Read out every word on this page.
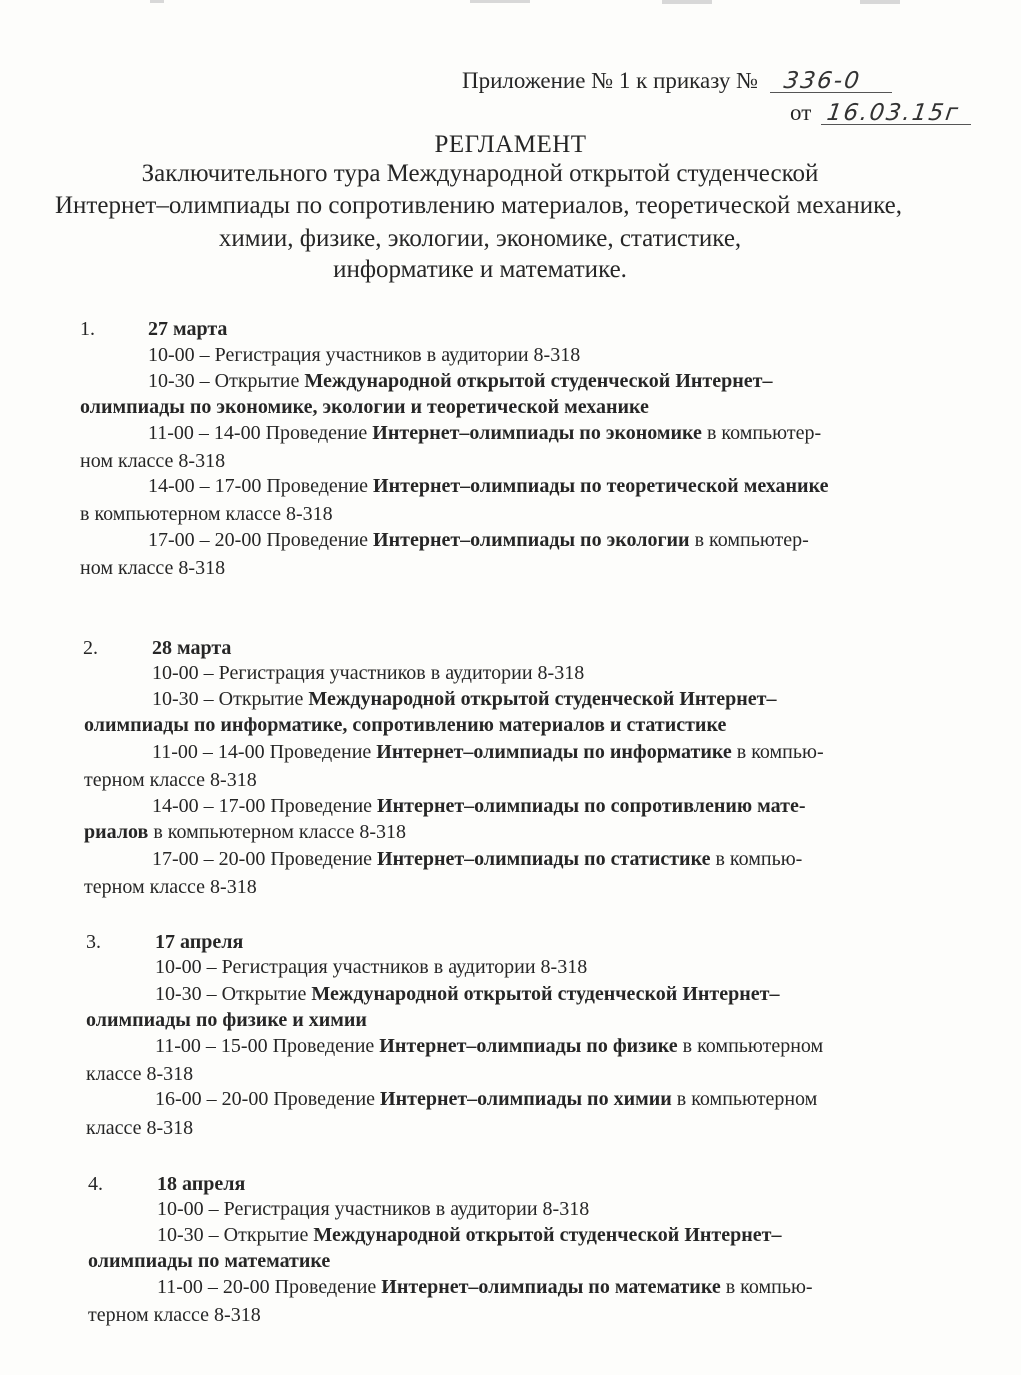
Приложение № 1 к приказу № 336-0
от 16.03.15г
РЕГЛАМЕНТ
Заключительного тура Международной открытой студенческой
Интернет–олимпиады по сопротивлению материалов, теоретической механике,
химии, физике, экологии, экономике, статистике,
информатике и математике.
1.	27 марта
10-00 – Регистрация участников в аудитории 8-318
10-30 – Открытие Международной открытой студенческой Интернет–
олимпиады по экономике, экологии и теоретической механике
11-00 – 14-00 Проведение Интернет–олимпиады по экономике в компьютер-
ном классе 8-318
14-00 – 17-00 Проведение Интернет–олимпиады по теоретической механике
в компьютерном классе 8-318
17-00 – 20-00 Проведение Интернет–олимпиады по экологии в компьютер-
ном классе 8-318
2.	28 марта
10-00 – Регистрация участников в аудитории 8-318
10-30 – Открытие Международной открытой студенческой Интернет–
олимпиады по информатике, сопротивлению материалов и статистике
11-00 – 14-00 Проведение Интернет–олимпиады по информатике в компью-
терном классе 8-318
14-00 – 17-00 Проведение Интернет–олимпиады по сопротивлению мате-
риалов в компьютерном классе 8-318
17-00 – 20-00 Проведение Интернет–олимпиады по статистике в компью-
терном классе 8-318
3.	17 апреля
10-00 – Регистрация участников в аудитории 8-318
10-30 – Открытие Международной открытой студенческой Интернет–
олимпиады по физике и химии
11-00 – 15-00 Проведение Интернет–олимпиады по физике в компьютерном
классе 8-318
16-00 – 20-00 Проведение Интернет–олимпиады по химии в компьютерном
классе 8-318
4.	18 апреля
10-00 – Регистрация участников в аудитории 8-318
10-30 – Открытие Международной открытой студенческой Интернет–
олимпиады по математике
11-00 – 20-00 Проведение Интернет–олимпиады по математике в компью-
терном классе 8-318
